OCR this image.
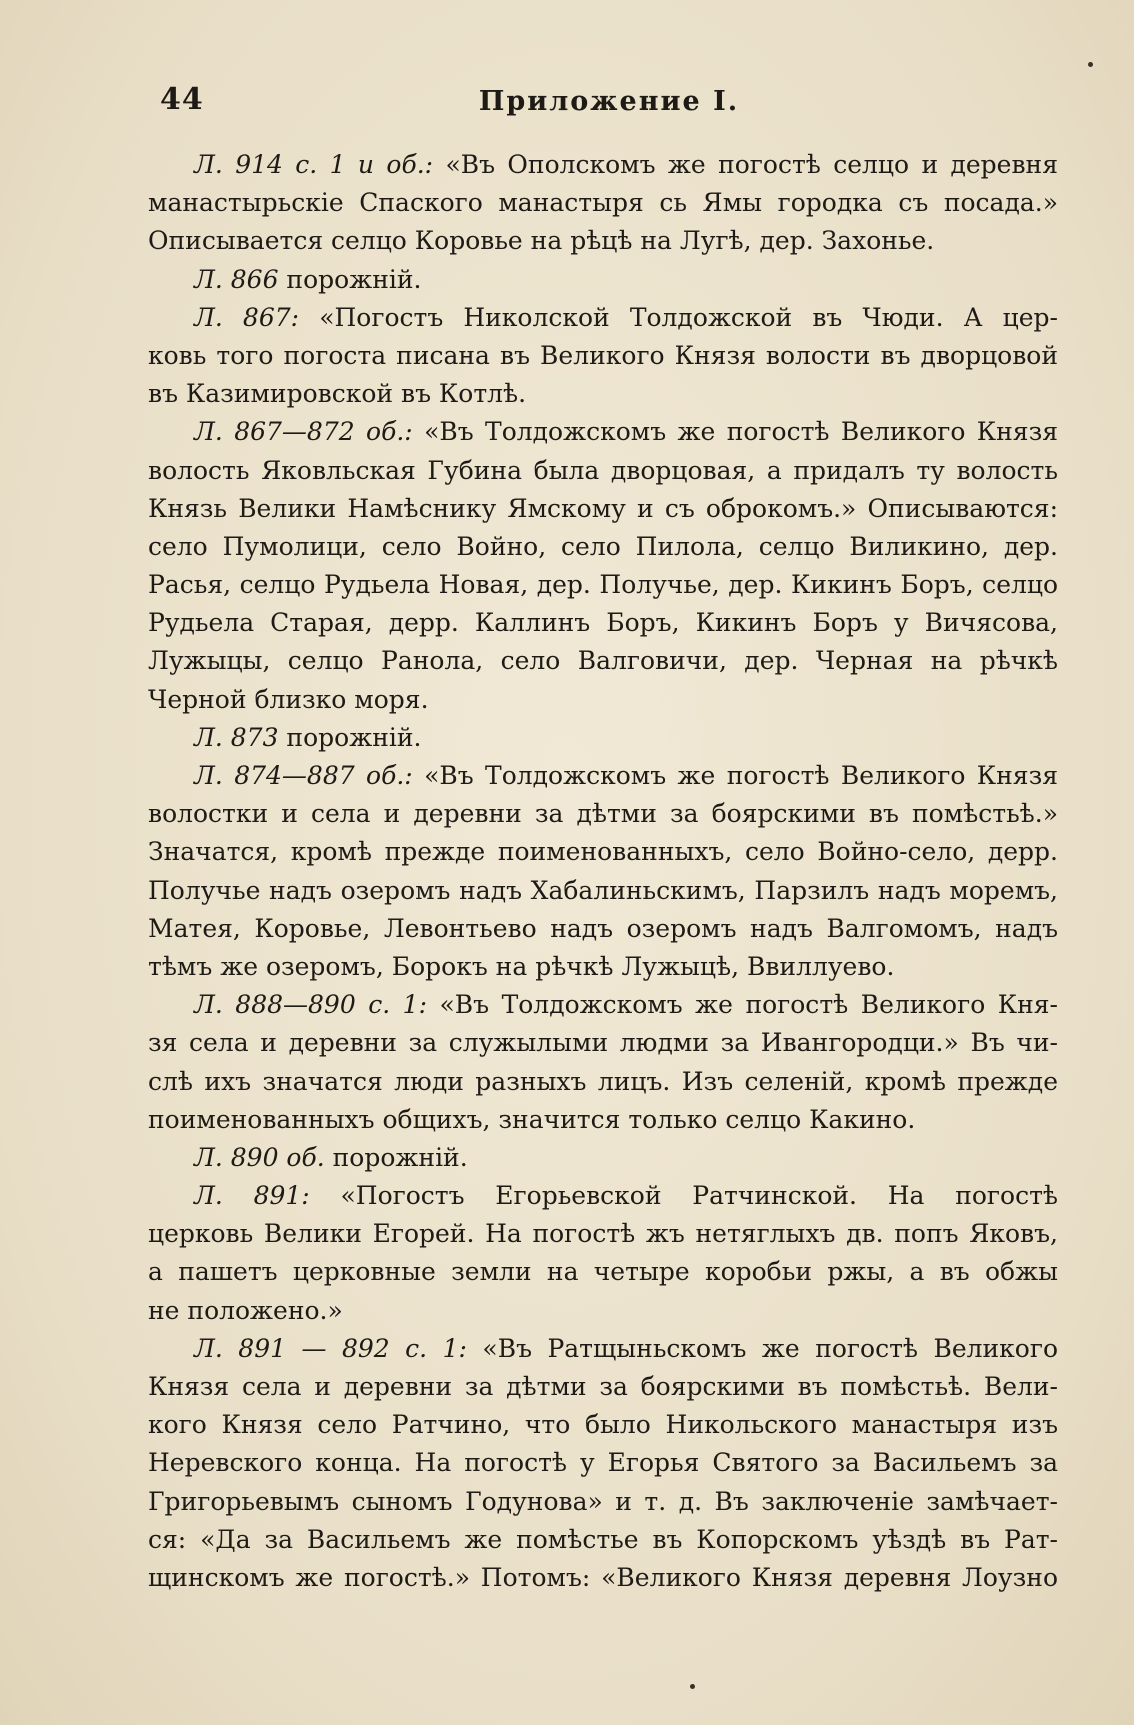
44	Приложение I.

Л. 914 с. 1 и об.: «Въ Ополскомъ же погостѣ селцо и деревня
манастырьскіе Спаского манастыря сь Ямы городка съ посада.»
Описывается селцо Коровье на рѣцѣ на Лугѣ, дер. Захонье.

Л. 866 порожній.

Л. 867: «Погостъ Николской Толдожской въ Чюди. А цер-
ковь того погоста писана въ Великого Князя волости въ дворцовой
въ Казимировской въ Котлѣ.

Л. 867—872 об.: «Въ Толдожскомъ же погостѣ Великого Князя
волость Яковльская Губина была дворцовая, а придалъ ту волость
Князь Велики Намѣснику Ямскому и съ оброкомъ.» Описываются:
село Пумолици, село Войно, село Пилола, селцо Виликино, дер.
Расья, селцо Рудьела Новая, дер. Получье, дер. Кикинъ Боръ, селцо
Рудьела Старая, дерр. Каллинъ Боръ, Кикинъ Боръ у Вичясова,
Лужыцы, селцо Ранола, село Валговичи, дер. Черная на рѣчкѣ
Черной близко моря.

Л. 873 порожній.

Л. 874—887 об.: «Въ Толдожскомъ же погостѣ Великого Князя
волостки и села и деревни за дѣтми за боярскими въ помѣстьѣ.»
Значатся, кромѣ прежде поименованныхъ, село Войно-село, дерр.
Получье надъ озеромъ надъ Хабалиньскимъ, Парзилъ надъ моремъ,
Матея, Коровье, Левонтьево надъ озеромъ надъ Валгомомъ, надъ
тѣмъ же озеромъ, Борокъ на рѣчкѣ Лужыцѣ, Ввиллуево.

Л. 888—890 с. 1: «Въ Толдожскомъ же погостѣ Великого Кня-
зя села и деревни за служылыми людми за Ивангородци.» Въ чи-
слѣ ихъ значатся люди разныхъ лицъ. Изъ селеній, кромѣ прежде
поименованныхъ общихъ, значится только селцо Какино.

Л. 890 об. порожній.

Л. 891: «Погостъ Егорьевской Ратчинской. На погостѣ
церковь Велики Егорей. На погостѣ жъ нетяглыхъ дв. попъ Яковъ,
а пашетъ церковные земли на четыре коробьи ржы, а въ обжы
не положено.»

Л. 891 — 892 с. 1: «Въ Ратщыньскомъ же погостѣ Великого
Князя села и деревни за дѣтми за боярскими въ помѣстьѣ. Вели-
кого Князя село Ратчино, что было Никольского манастыря изъ
Неревского конца. На погостѣ у Егорья Святого за Васильемъ за
Григорьевымъ сыномъ Годунова» и т. д. Въ заключеніе замѣчает-
ся: «Да за Васильемъ же помѣстье въ Копорскомъ уѣздѣ въ Рат-
щинскомъ же погостѣ.» Потомъ: «Великого Князя деревня Лоузно
